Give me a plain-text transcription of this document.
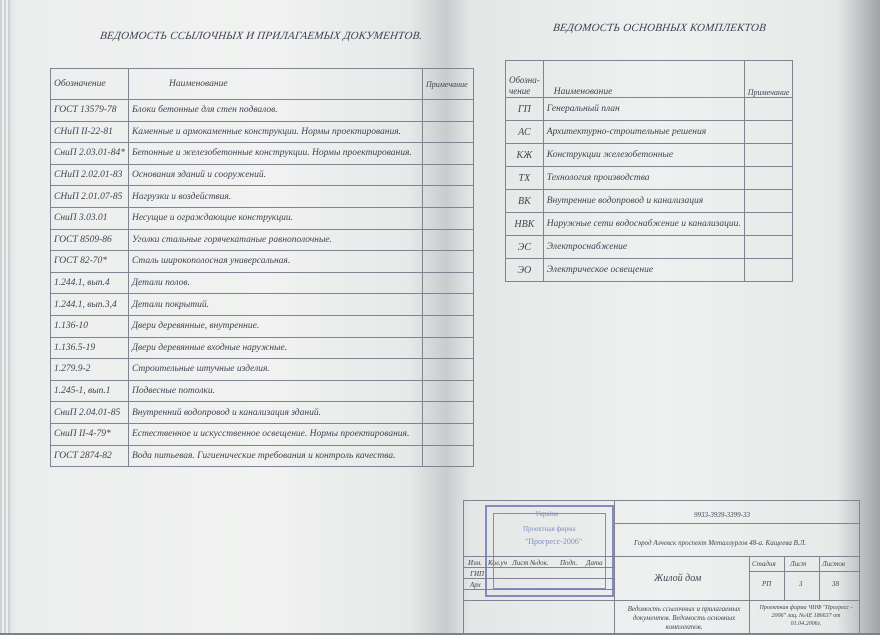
ВЕДОМОСТЬ ССЫЛОЧНЫХ И ПРИЛАГАЕМЫХ ДОКУМЕНТОВ.
Обозначение	Наименование	Примечание
ГОСТ 13579-78	Блоки бетонные для стен подвалов.	
СНиП II-22-81	Каменные и армокаменные конструкции. Нормы проектирования.	
СниП 2.03.01-84*	Бетонные и железобетонные конструкции. Нормы проектирования.	
СНиП 2.02.01-83	Основания зданий и сооружений.	
СНиП 2.01.07-85	Нагрузки и воздействия.	
СниП 3.03.01	Несущие и ограждающие конструкции.	
ГОСТ 8509-86	Уголки стальные горячекатаные равнополочные.	
ГОСТ 82-70*	Сталь широкополосная универсальная.	
1.244.1, вып.4	Детали полов.	
1.244.1, вып.3,4	Детали покрытий.	
1.136-10	Двери деревянные, внутренние.	
1.136.5-19	Двери деревянные входные наружные.	
1.279.9-2	Строительные штучные изделия.	
1.245-1, вып.1	Подвесные потолки.	
СниП 2.04.01-85	Внутренний водопровод и канализация зданий.	
СниП II-4-79*	Естественное и искусственное освещение. Нормы проектирования.	
ГОСТ 2874-82	Вода питьевая. Гигиенические требования и контроль качества.	
ВЕДОМОСТЬ ОСНОВНЫХ КОМПЛЕКТОВ
Обозна-
чение	Наименование	Примечание
ГП	Генеральный план	
АС	Архитектурно-строительные решения	
КЖ	Конструкции железобетонные	
ТХ	Технология производства	
ВК	Внутренние водопровод и канализация	
НВК	Наружные сети водоснабжение и канализации.	
ЭС	Электроснабжение	
ЭО	Электрическое освещение	
9933-3939-3399-33
Город Алчевск проспект Металлургов 48-а. Кащеева В.Л.
Жилой дом
Изм. Кол.уч Лист №док. Подп. Дата
ГИП
Арх
Стадия Лист Листов
РП	3	38
Ведомость ссылочных и прилагаемых документов. Ведомость основных комплектов.
Проектная фирма ЧПФ "Прогресс - 2006" лиц. №АЕ 186637 от 01.04.2006г.
Україна
Проектная фирма
"Прогресс-2006"
